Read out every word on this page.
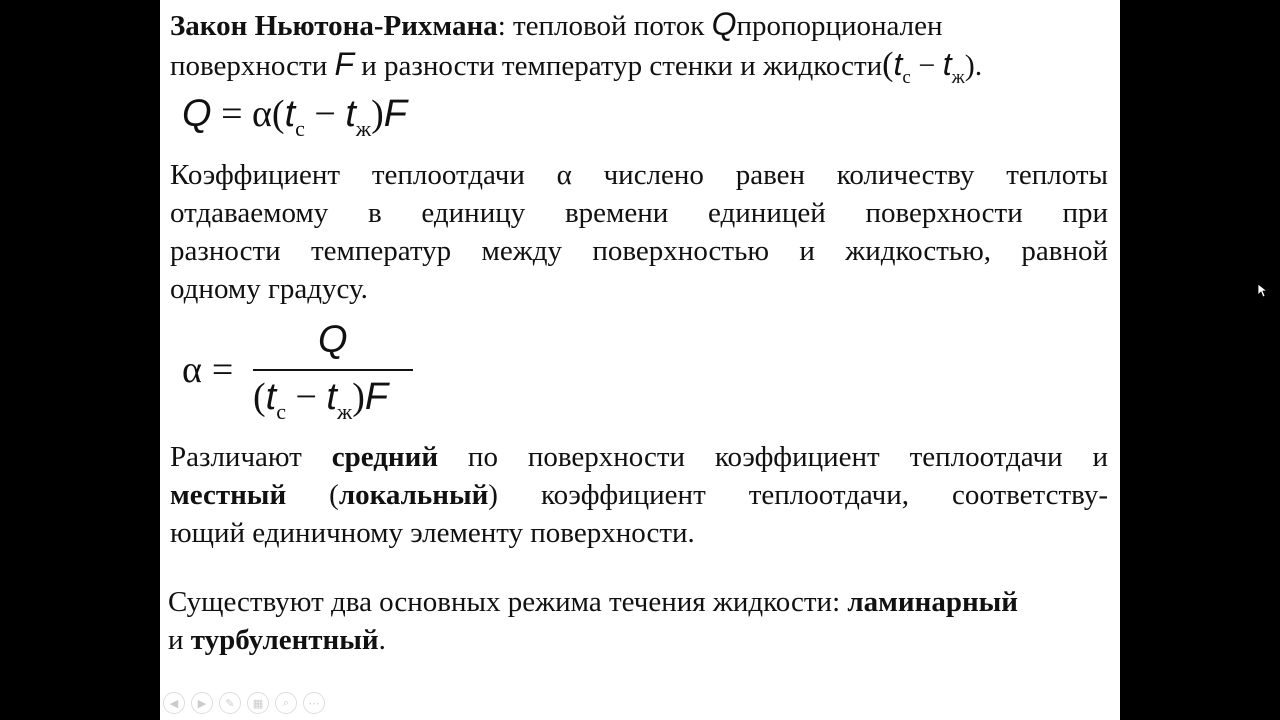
Закон Ньютона-Рихмана: тепловой поток Qпропорционален
поверхности F и разности температур стенки и $жидкости(t_с - t_ж)$.
$Q = \alpha(t_с - t_ж)F$
Коэффициент теплоотдачи α численo равен количеству теплоты
отдаваемому в единицу времени единицей поверхности при
разности температур между поверхностью и жидкостью, равной
одному градусу.
α =
Q
$(t_с - t_ж)F$
Различают средний по поверхности коэффициент теплоотдачи и
местный (локальный) коэффициент теплоотдачи, соответству-
ющий единичному элементу поверхности.
Существуют два основных режима течения жидкости: ламинарный
и турбулентный.
◀	▶	✎	▦	⌕	⋯
